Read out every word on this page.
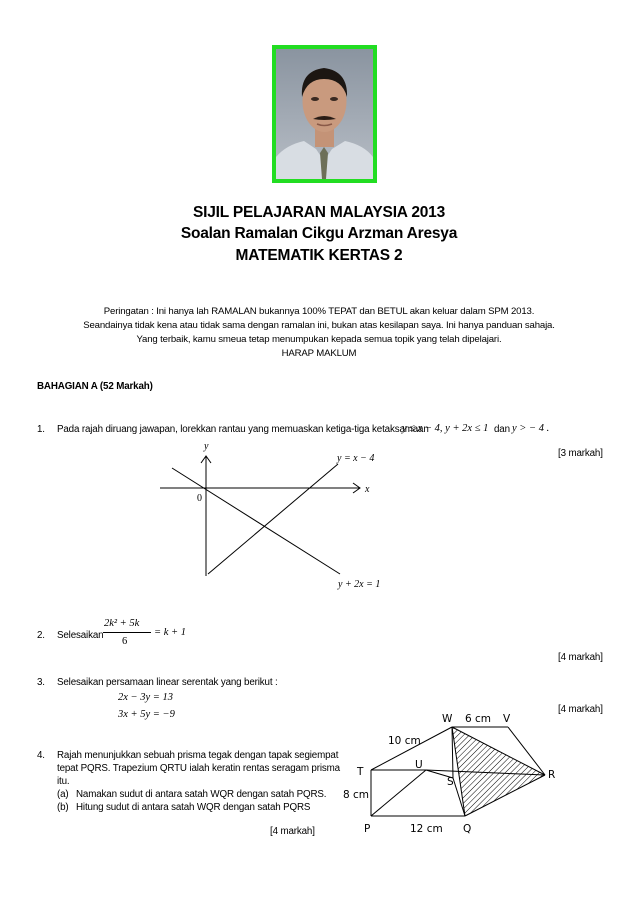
SIJIL PELAJARAN MALAYSIA 2013
Soalan Ramalan Cikgu Arzman Aresya
MATEMATIK KERTAS 2
Peringatan : Ini hanya lah RAMALAN bukannya 100% TEPAT dan BETUL akan keluar dalam SPM 2013.
Seandainya tidak kena atau tidak sama dengan ramalan ini, bukan atas kesilapan saya. Ini hanya panduan sahaja.
Yang terbaik, kamu smeua tetap menumpukan kepada semua topik yang telah dipelajari.
HARAP MAKLUM
BAHAGIAN A (52 Markah)
1. Pada rajah diruang jawapan, lorekkan rantau yang memuaskan ketiga-tiga ketaksamaan
y ≤ x − 4, y + 2x ≤ 1 dan y > − 4 .
[3 markah]
y
x
0
y = x − 4
y + 2x = 1
2. Selesaikan
2k² + 5k
6
= k + 1
[4 markah]
3. Selesaikan persamaan linear serentak yang berikut :
2x − 3y = 13
3x + 5y = −9	[4 markah]
4. Rajah menunjukkan sebuah prisma tegak dengan tapak segiempat
tepat PQRS. Trapezium QRTU ialah keratin rentas seragam prisma
itu.
(a) Namakan sudut di antara satah WQR dengan satah PQRS.
(b) Hitung sudut di antara satah WQR dengan satah PQRS
[4 markah]
W 6 cm V
10 cm
T
U
S
R
8 cm
P	12 cm Q
